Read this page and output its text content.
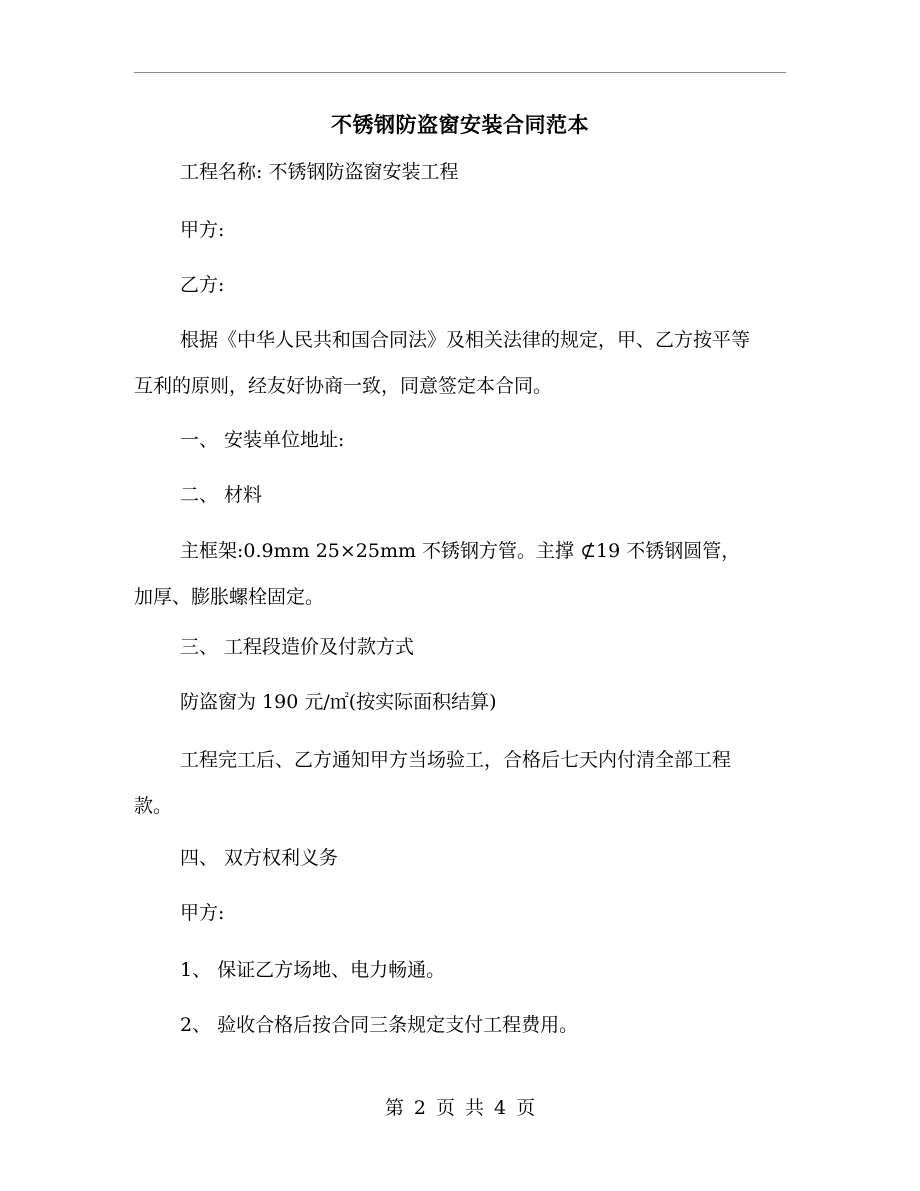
不锈钢防盗窗安装合同范本
工程名称: 不锈钢防盗窗安装工程
甲方:
乙方:
根据《中华人民共和国合同法》及相关法律的规定，甲、乙方按平等互利的原则，经友好协商一致，同意签定本合同。
一、 安装单位地址:
二、 材料
主框架:0.9mm 25×25mm 不锈钢方管。主撑 ⊄19 不锈钢圆管，加厚、膨胀螺栓固定。
三、 工程段造价及付款方式
防盗窗为 190 元/㎡(按实际面积结算)
工程完工后、乙方通知甲方当场验工，合格后七天内付清全部工程款。
四、 双方权利义务
甲方:
1、 保证乙方场地、电力畅通。
2、 验收合格后按合同三条规定支付工程费用。
第 2 页 共 4 页
